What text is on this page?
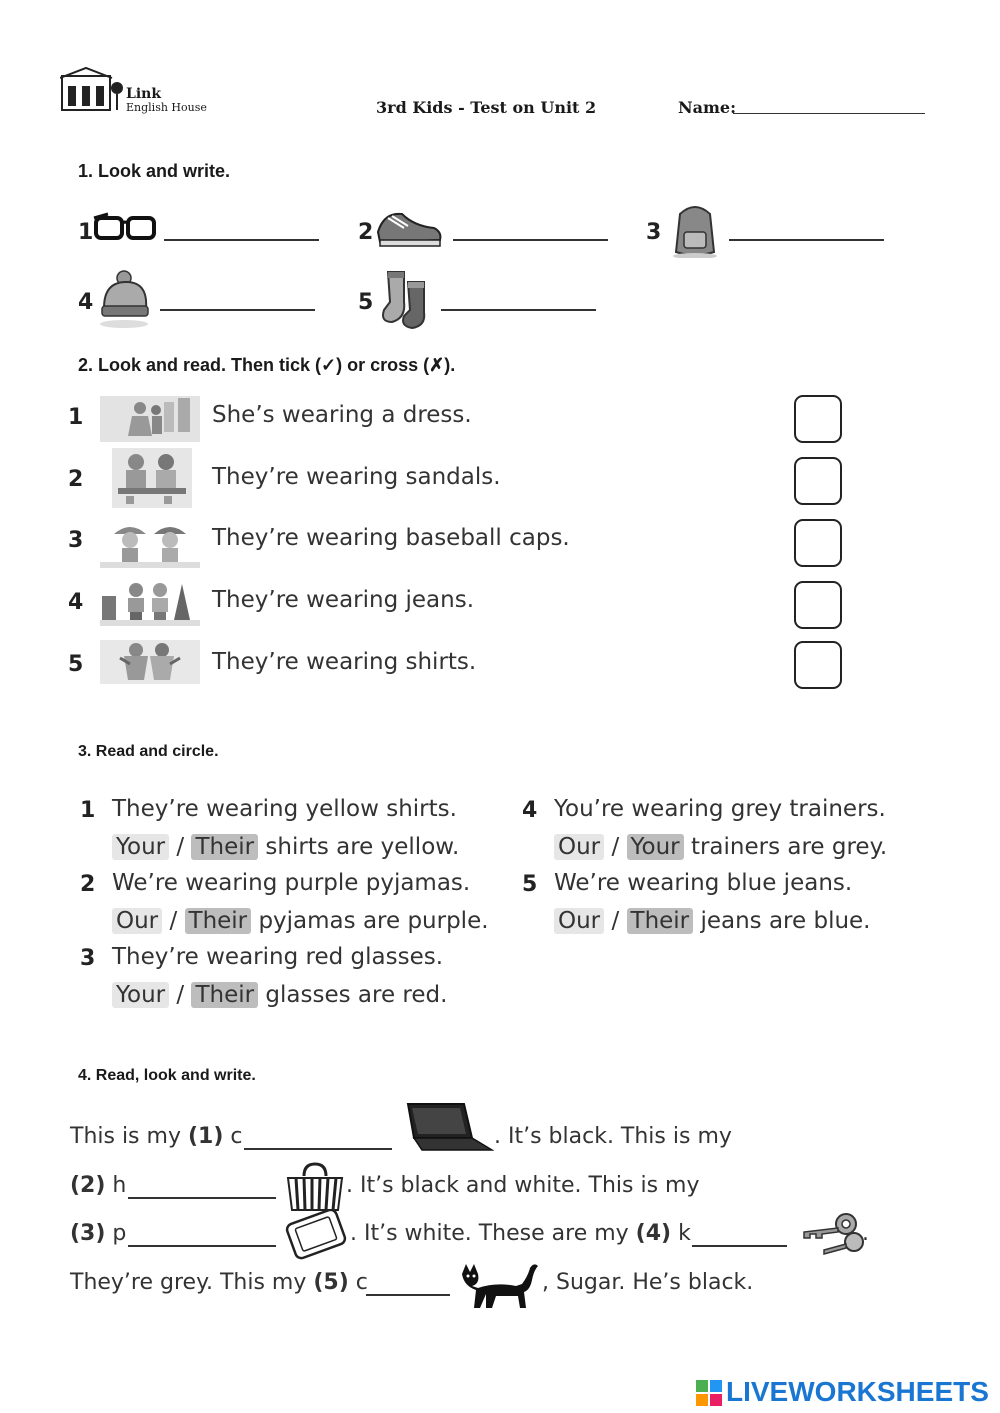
Link
English House	3rd Kids - Test on Unit 2	Name:
1. Look and write.
1	2	3
4	5
2. Look and read. Then tick (✓) or cross (✗).
1	She’s wearing a dress.
2	They’re wearing sandals.
3	They’re wearing baseball caps.
4	They’re wearing jeans.
5	They’re wearing shirts.
3. Read and circle.
1 They’re wearing yellow shirts.
Your / Their shirts are yellow.
2 We’re wearing purple pyjamas.
Our / Their pyjamas are purple.
3 They’re wearing red glasses.
Your / Their glasses are red.
4 You’re wearing grey trainers.
Our / Your trainers are grey.
5 We’re wearing blue jeans.
Our / Their jeans are blue.
4. Read, look and write.
This is my (1) c	. It’s black. This is my
(2) h	. It’s black and white. This is my
(3) p	. It’s white. These are my (4) k	.
They’re grey. This my (5) c	, Sugar. He’s black.
LIVEWORKSHEETS
